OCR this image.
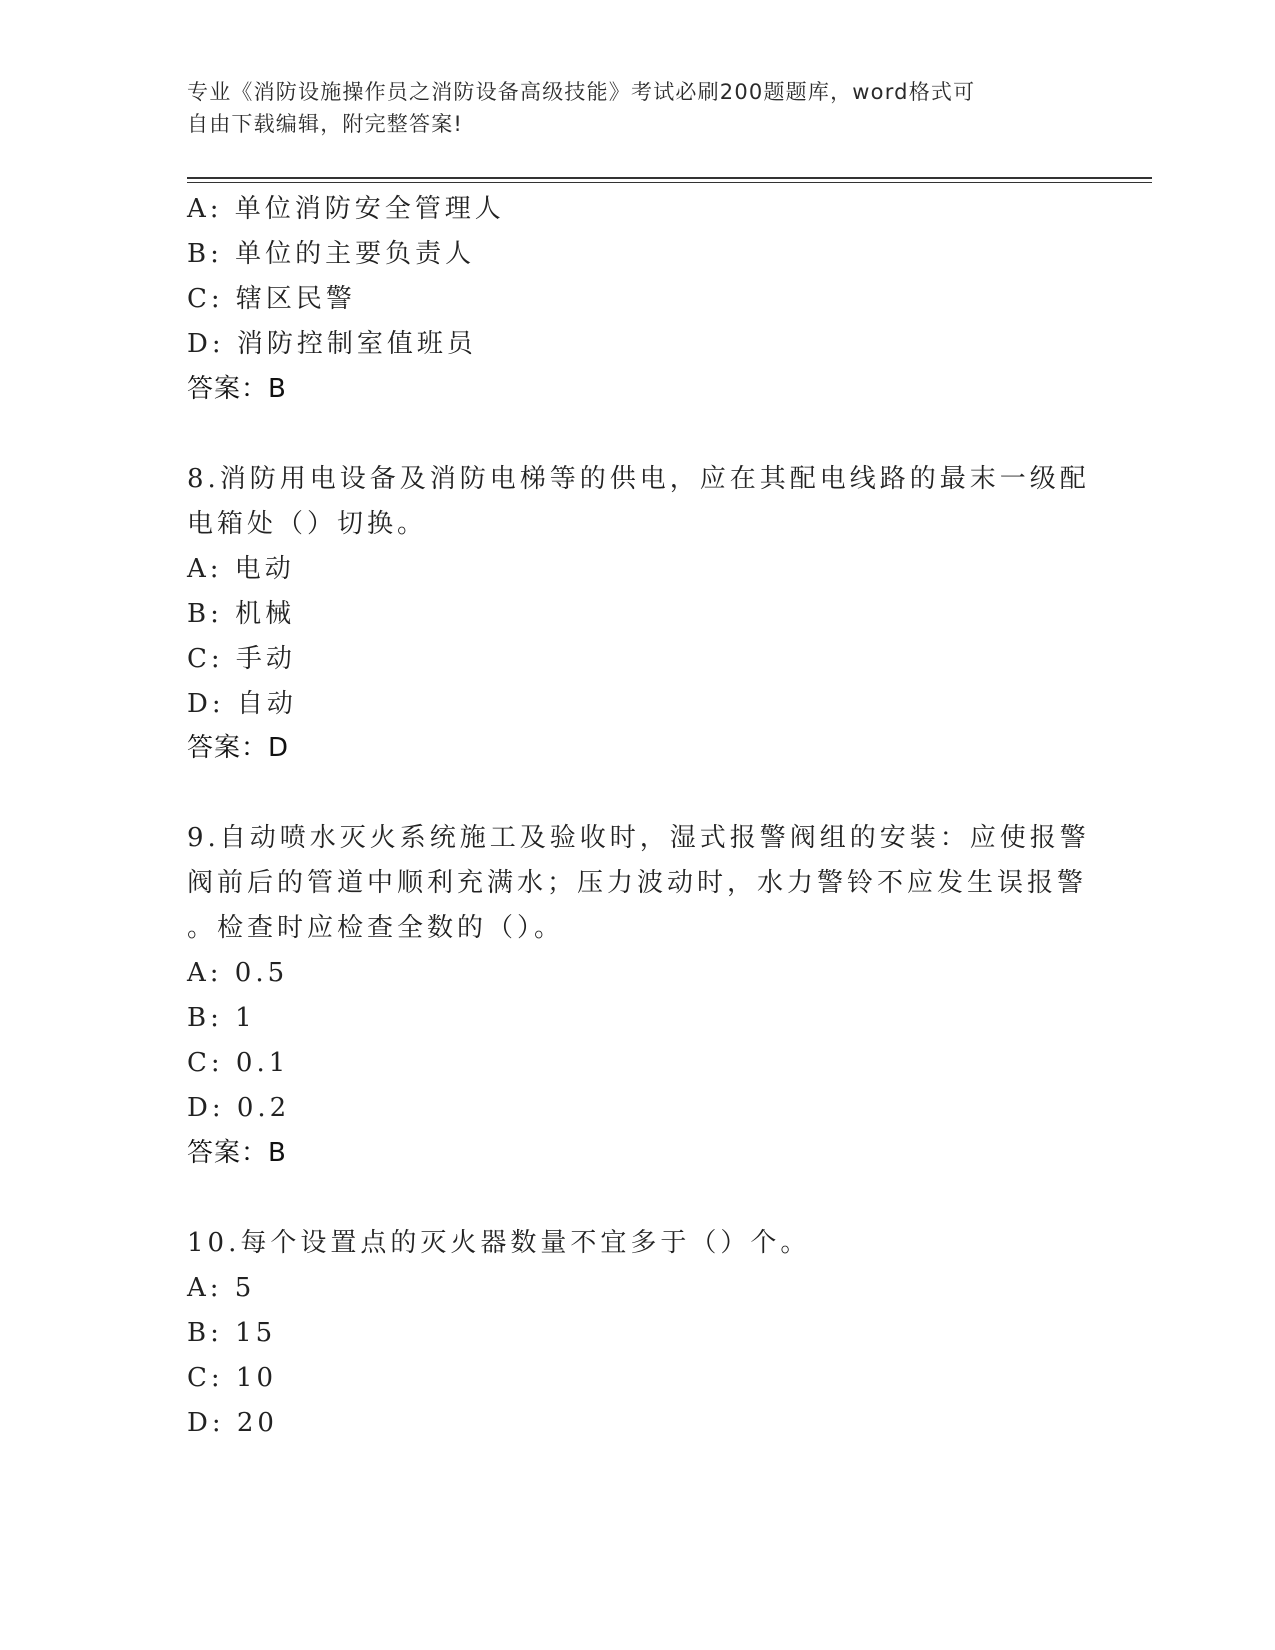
专业《消防设施操作员之消防设备高级技能》考试必刷200题题库，word格式可
自由下载编辑，附完整答案!
A: 单位消防安全管理人
B: 单位的主要负责人
C: 辖区民警
D: 消防控制室值班员
答案：B
8.消防用电设备及消防电梯等的供电，应在其配电线路的最末一级配
电箱处（）切换。
A: 电动
B: 机械
C: 手动
D: 自动
答案：D
9.自动喷水灭火系统施工及验收时，湿式报警阀组的安装：应使报警
阀前后的管道中顺利充满水；压力波动时，水力警铃不应发生误报警
。检查时应检查全数的（）。
A: 0.5
B: 1
C: 0.1
D: 0.2
答案：B
10.每个设置点的灭火器数量不宜多于（）个。
A: 5
B: 15
C: 10
D: 20
